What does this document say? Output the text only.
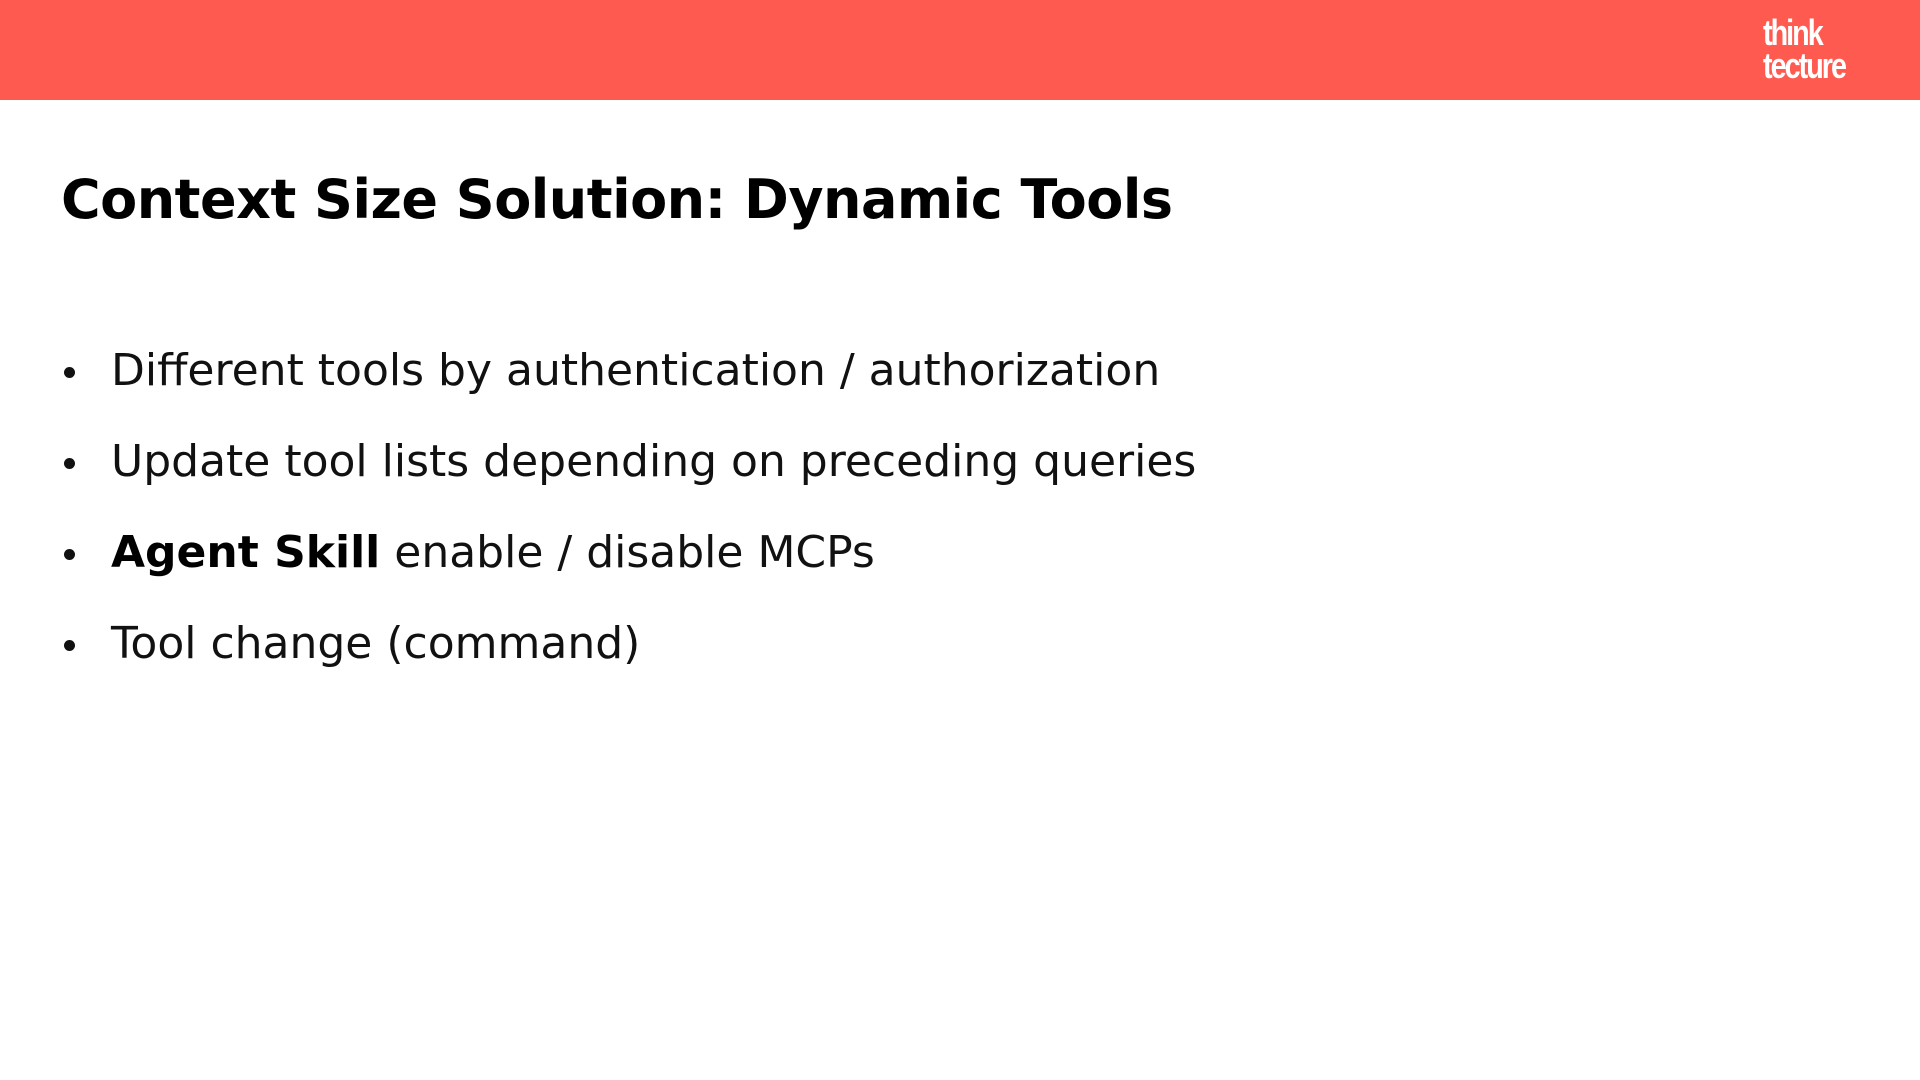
think
tecture
Context Size Solution: Dynamic Tools
Different tools by authentication / authorization
Update tool lists depending on preceding queries
Agent Skill enable / disable MCPs
Tool change (command)
